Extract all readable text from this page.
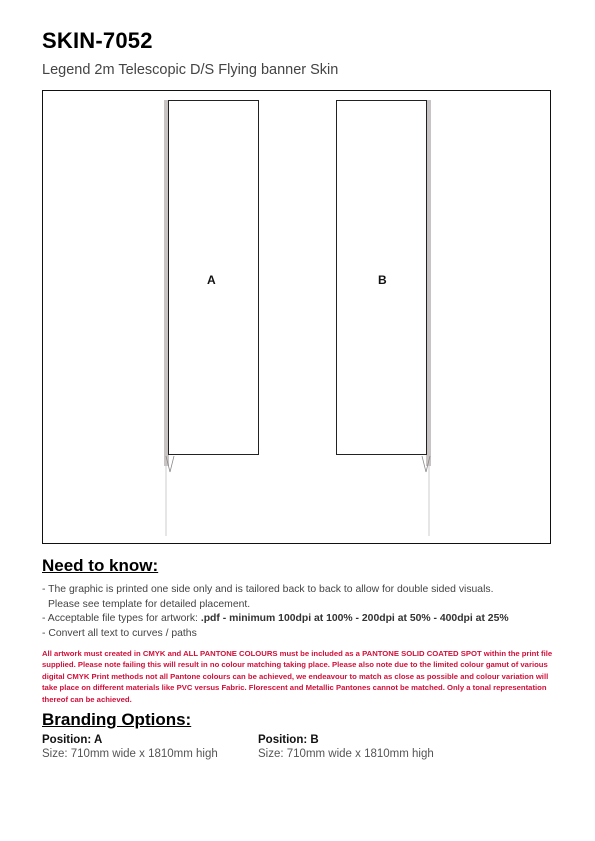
SKIN-7052
Legend 2m Telescopic D/S Flying banner Skin
A	B
Need to know:
- The graphic is printed one side only and is tailored back to back to allow for double sided visuals.
Please see template for detailed placement.
- Acceptable file types for artwork: .pdf - minimum 100dpi at 100% - 200dpi at 50% - 400dpi at 25%
- Convert all text to curves / paths
All artwork must created in CMYK and ALL PANTONE COLOURS must be included as a PANTONE SOLID COATED SPOT within the print file supplied. Please note failing this will result in no colour matching taking place. Please also note due to the limited colour gamut of various digital CMYK Print methods not all Pantone colours can be achieved, we endeavour to match as close as possible and colour variation will take place on different materials like PVC versus Fabric. Florescent and Metallic Pantones cannot be matched. Only a tonal representation thereof can be achieved.
Branding Options:
Position: A
Size: 710mm wide x 1810mm high
Position: B
Size: 710mm wide x 1810mm high
